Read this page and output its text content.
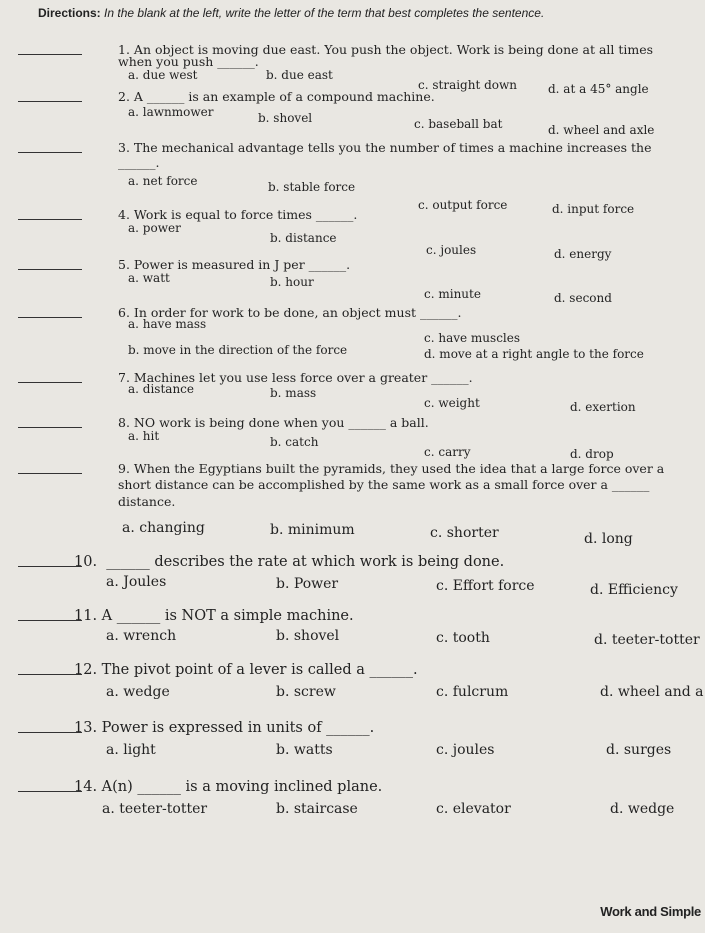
Directions: In the blank at the left, write the letter of the term that best completes the sentence.
1. An object is moving due east. You push the object. Work is being done at all times
when you push ______.
a. due west	b. due east
c. straight down	d. at a 45° angle
2. A ______ is an example of a compound machine.
a. lawnmower	b. shovel	c. baseball bat	d. wheel and axle
3. The mechanical advantage tells you the number of times a machine increases the
______.
a. net force	b. stable force
c. output force	d. input force
4. Work is equal to force times ______.
a. power
b. distance
c. joules	d. energy
5. Power is measured in J per ______.
a. watt	b. hour
c. minute	d. second
6. In order for work to be done, an object must ______.
a. have mass
b. move in the direction of the force
c. have muscles
d. move at a right angle to the force
7. Machines let you use less force over a greater ______.
a. distance	b. mass
c. weight	d. exertion
8. NO work is being done when you ______ a ball.
a. hit	b. catch
c. carry	d. drop
9. When the Egyptians built the pyramids, they used the idea that a large force over a
short distance can be accomplished by the same work as a small force over a ______
distance.
a. changing	b. minimum	c. shorter	d. long
10. ______ describes the rate at which work is being done.
a. Joules	b. Power	c. Effort force	d. Efficiency
11. A ______ is NOT a simple machine.
a. wrench	b. shovel	c. tooth	d. teeter-totter
12. The pivot point of a lever is called a ______.
a. wedge	b. screw	c. fulcrum	d. wheel and a
13. Power is expressed in units of ______.
a. light	b. watts	c. joules	d. surges
14. A(n) ______ is a moving inclined plane.
a. teeter-totter	b. staircase	c. elevator	d. wedge
Work and Simple
